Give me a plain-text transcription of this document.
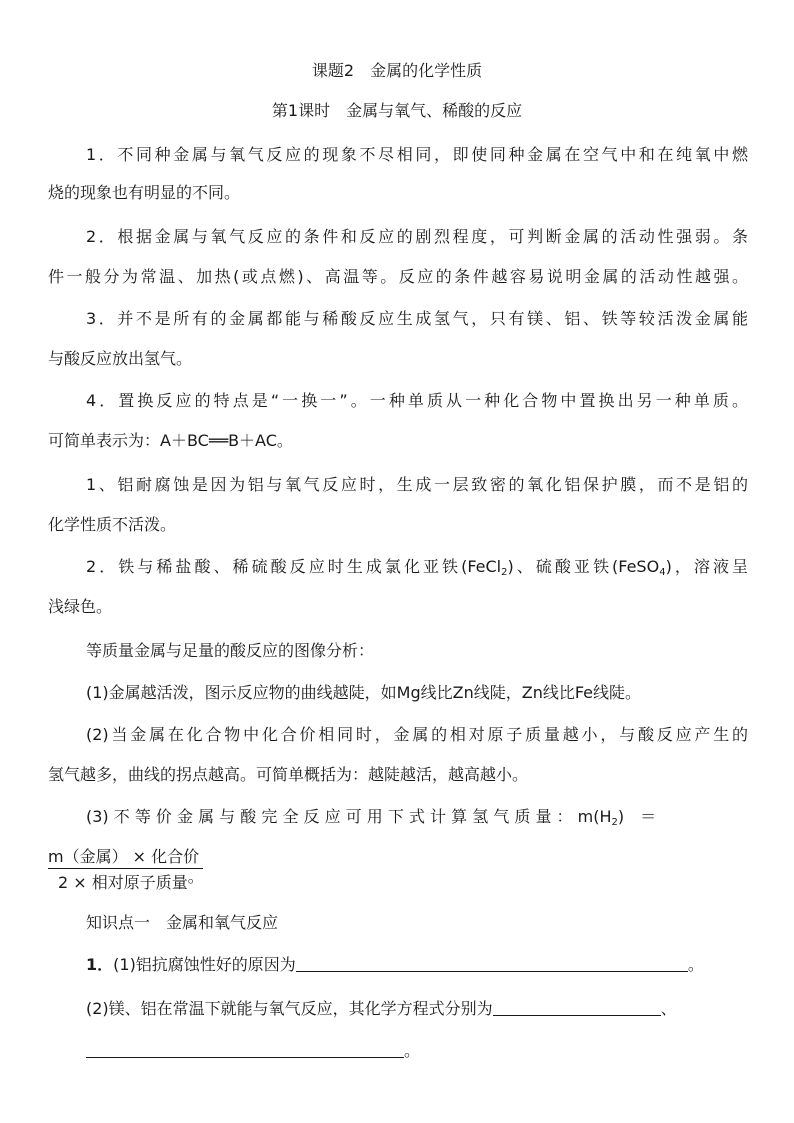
课题2　金属的化学性质
第1课时　金属与氧气、稀酸的反应
1．不同种金属与氧气反应的现象不尽相同，即使同种金属在空气中和在纯氧中燃
烧的现象也有明显的不同。
2．根据金属与氧气反应的条件和反应的剧烈程度，可判断金属的活动性强弱。条
件一般分为常温、加热(或点燃)、高温等。反应的条件越容易说明金属的活动性越强。
3．并不是所有的金属都能与稀酸反应生成氢气，只有镁、铝、铁等较活泼金属能
与酸反应放出氢气。
4．置换反应的特点是“一换一”。一种单质从一种化合物中置换出另一种单质。
可简单表示为：A＋BC══B＋AC。
1、铝耐腐蚀是因为铝与氧气反应时，生成一层致密的氧化铝保护膜，而不是铝的
化学性质不活泼。
2．铁与稀盐酸、稀硫酸反应时生成氯化亚铁(FeCl$_2$)、硫酸亚铁(FeSO$_4$)，溶液呈
浅绿色。
等质量金属与足量的酸反应的图像分析：
(1)金属越活泼，图示反应物的曲线越陡，如Mg线比Zn线陡，Zn线比Fe线陡。
(2)当金属在化合物中化合价相同时，金属的相对原子质量越小，与酸反应产生的
氢气越多，曲线的拐点越高。可简单概括为：越陡越活，越高越小。
(3) 不 等 价 金 属 与 酸 完 全 反 应 可 用 下 式 计 算 氢 气 质 量 ： $m(H_2)$　＝
m（金属） × 化合价
2 × 相对原子质量。
知识点一　金属和氧气反应
1．(1)铝抗腐蚀性好的原因为	。
(2)镁、铝在常温下就能与氧气反应，其化学方程式分别为	、
。
